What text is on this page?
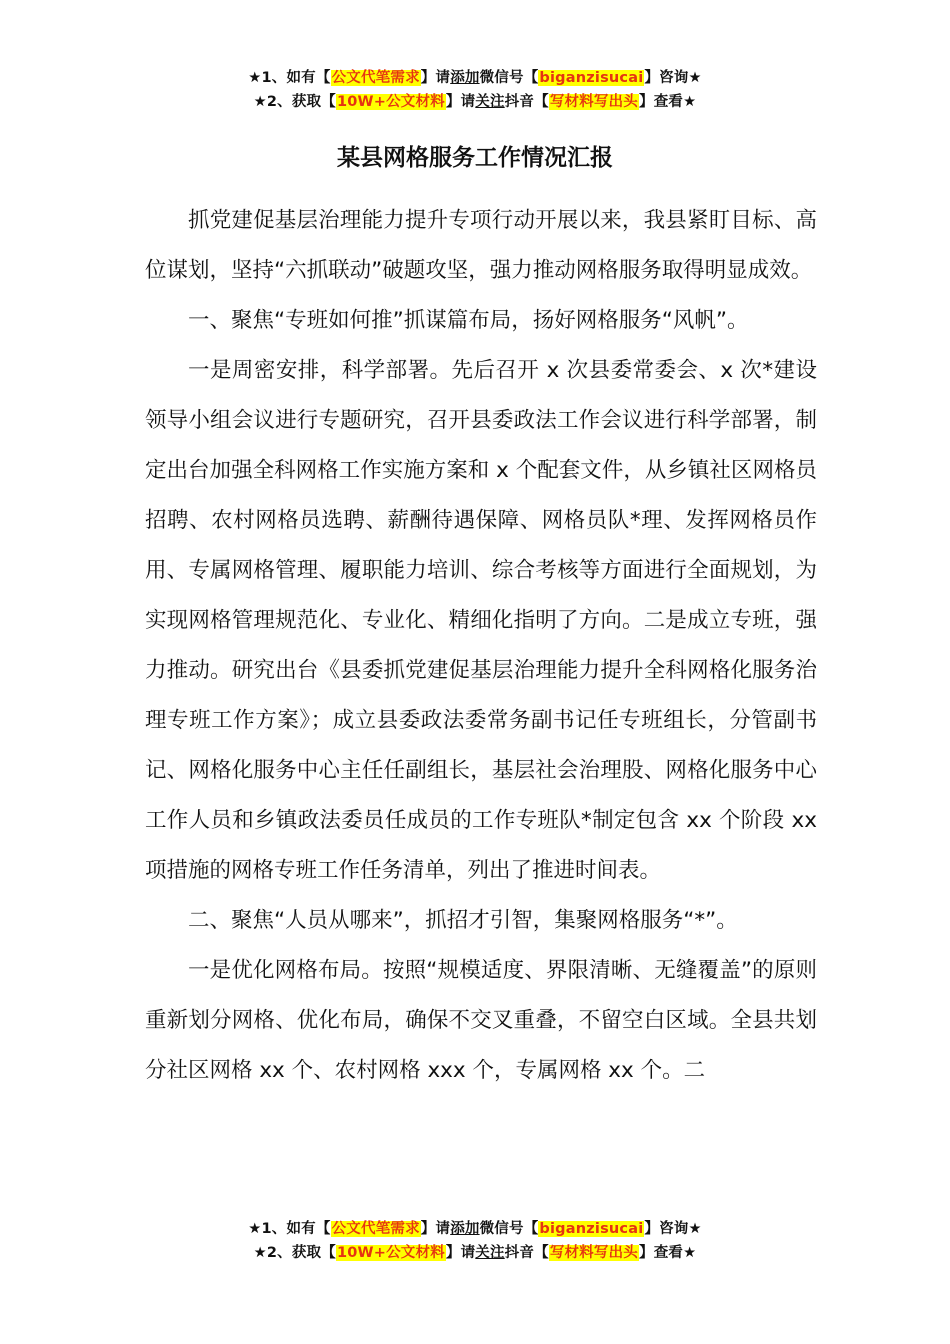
★1、如有【公文代笔需求】请添加微信号【biganzisucai】咨询★
★2、获取【10W+公文材料】请关注抖音【写材料写出头】查看★
某县网格服务工作情况汇报

抓党建促基层治理能力提升专项行动开展以来，我县紧盯目标、高位谋划，坚持“六抓联动”破题攻坚，强力推动网格服务取得明显成效。

一、聚焦“专班如何推”抓谋篇布局，扬好网格服务“风帆”。

一是周密安排，科学部署。先后召开 x 次县委常委会、x 次*建设领导小组会议进行专题研究，召开县委政法工作会议进行科学部署，制定出台加强全科网格工作实施方案和 x 个配套文件，从乡镇社区网格员招聘、农村网格员选聘、薪酬待遇保障、网格员队*理、发挥网格员作用、专属网格管理、履职能力培训、综合考核等方面进行全面规划，为实现网格管理规范化、专业化、精细化指明了方向。二是成立专班，强力推动。研究出台《县委抓党建促基层治理能力提升全科网格化服务治理专班工作方案》；成立县委政法委常务副书记任专班组长，分管副书记、网格化服务中心主任任副组长，基层社会治理股、网格化服务中心工作人员和乡镇政法委员任成员的工作专班队*制定包含 xx 个阶段 xx 项措施的网格专班工作任务清单，列出了推进时间表。

二、聚焦“人员从哪来”，抓招才引智，集聚网格服务“*”。

一是优化网格布局。按照“规模适度、界限清晰、无缝覆盖”的原则重新划分网格、优化布局，确保不交叉重叠，不留空白区域。全县共划分社区网格 xx 个、农村网格 xxx 个，专属网格 xx 个。二

★1、如有【公文代笔需求】请添加微信号【biganzisucai】咨询★
★2、获取【10W+公文材料】请关注抖音【写材料写出头】查看★
